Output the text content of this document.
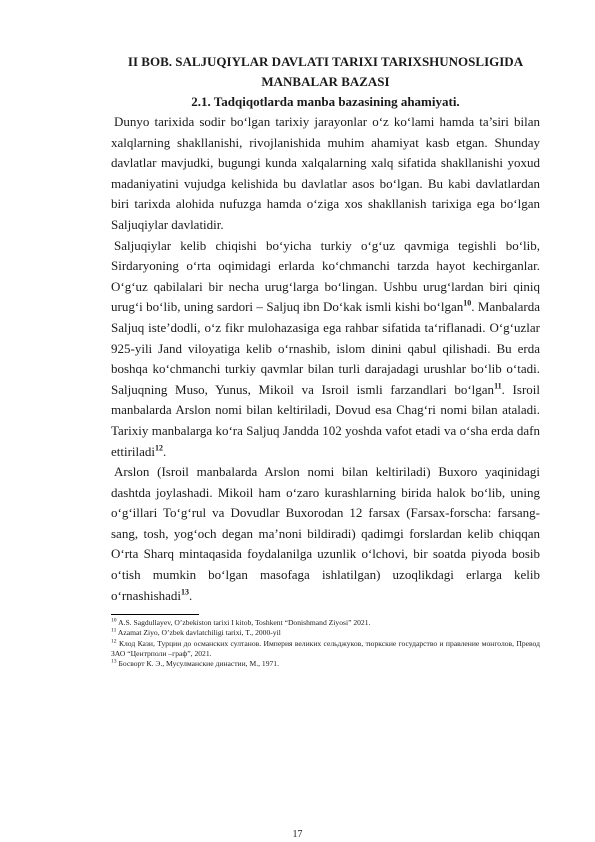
II BOB. SALJUQIYLAR DAVLATI TARIXI TARIXSHUNOSLIGIDA

MANBALAR BAZASI

2.1. Tadqiqotlarda manba bazasining ahamiyati.

Dunyo tarixida sodir bo‘lgan tarixiy jarayonlar o‘z ko‘lami hamda ta’siri bilan xalqlarning shakllanishi, rivojlanishida muhim ahamiyat kasb etgan. Shunday davlatlar mavjudki, bugungi kunda xalqalarning xalq sifatida shakllanishi yoxud madaniyatini vujudga kelishida bu davlatlar asos bo‘lgan. Bu kabi davlatlardan biri tarixda alohida nufuzga hamda o‘ziga xos shakllanish tarixiga ega bo‘lgan Saljuqiylar davlatidir.

Saljuqiylar kelib chiqishi bo‘yicha turkiy o‘g‘uz qavmiga tegishli bo‘lib, Sirdaryoning o‘rta oqimidagi erlarda ko‘chmanchi tarzda hayot kechirganlar. O‘g‘uz qabilalari bir necha urug‘larga bo‘lingan. Ushbu urug‘lardan biri qiniq urug‘i bo‘lib, uning sardori – Saljuq ibn Do‘kak ismli kishi bo‘lgan$^{10}$. Manbalarda Saljuq iste’dodli, o‘z fikr mulohazasiga ega rahbar sifatida ta‘riflanadi. O‘g‘uzlar 925-yili Jand viloyatiga kelib o‘rnashib, islom dinini qabul qilishadi. Bu erda boshqa ko‘chmanchi turkiy qavmlar bilan turli darajadagi urushlar bo‘lib o‘tadi. Saljuqning Muso, Yunus, Mikoil va Isroil ismli farzandlari bo‘lgan$^{11}$. Isroil manbalarda Arslon nomi bilan keltiriladi, Dovud esa Chag‘ri nomi bilan ataladi. Tarixiy manbalarga ko‘ra Saljuq Jandda 102 yoshda vafot etadi va o‘sha erda dafn ettiriladi$^{12}$.

Arslon (Isroil manbalarda Arslon nomi bilan keltiriladi) Buxoro yaqinidagi dashtda joylashadi. Mikoil ham o‘zaro kurashlarning birida halok bo‘lib, uning o‘g‘illari To‘g‘rul va Dovudlar Buxorodan 12 farsax (Farsax-forscha: farsang-sang, tosh, yog‘och degan ma’noni bildiradi) qadimgi forslardan kelib chiqqan O‘rta Sharq mintaqasida foydalanilga uzunlik o‘lchovi, bir soatda piyoda bosib o‘tish mumkin bo‘lgan masofaga ishlatilgan) uzoqlikdagi erlarga kelib o‘rnashishadi$^{13}$.

$^{10}$ A.S. Sagdullayev, O’zbekiston tarixi I kitob, Toshkent “Donishmand Ziyosi” 2021.

$^{11}$ Azamat Ziyo, O’zbek davlatchiligi tarixi, T., 2000-yil

$^{12}$ Клод Кази, Турции до османских султанов. Империя великих сельджуков, тюркские государство и правление монголов, Превод ЗАО “Центрполи –граф”, 2021.

$^{13}$ Босворт К. Э., Мусулманские династии, М., 1971.

17
